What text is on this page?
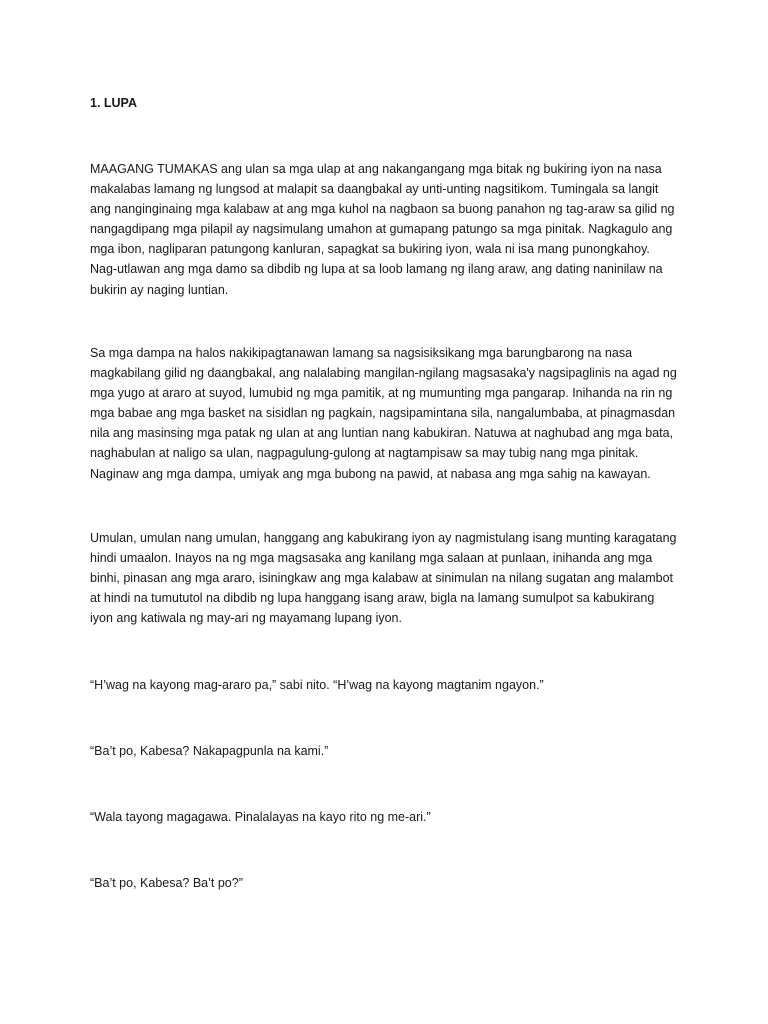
1. LUPA

MAAGANG TUMAKAS ang ulan sa mga ulap at ang nakangangang mga bitak ng bukiring iyon na nasa
makalabas lamang ng lungsod at malapit sa daangbakal ay unti-unting nagsitikom. Tumingala sa langit
ang nanginginaing mga kalabaw at ang mga kuhol na nagbaon sa buong panahon ng tag-araw sa gilid ng
nangagdipang mga pilapil ay nagsimulang umahon at gumapang patungo sa mga pinitak. Nagkagulo ang
mga ibon, nagliparan patungong kanluran, sapagkat sa bukiring iyon, wala ni isa mang punongkahoy.
Nag-utlawan ang mga damo sa dibdib ng lupa at sa loob lamang ng ilang araw, ang dating naninilaw na
bukirin ay naging luntian.

Sa mga dampa na halos nakikipagtanawan lamang sa nagsisiksikang mga barungbarong na nasa
magkabilang gilid ng daangbakal, ang nalalabing mangilan-ngilang magsasaka'y nagsipaglinis na agad ng
mga yugo at araro at suyod, lumubid ng mga pamitik, at ng mumunting mga pangarap. Inihanda na rin ng
mga babae ang mga basket na sisidlan ng pagkain, nagsipamintana sila, nangalumbaba, at pinagmasdan
nila ang masinsing mga patak ng ulan at ang luntian nang kabukiran. Natuwa at naghubad ang mga bata,
naghabulan at naligo sa ulan, nagpagulung-gulong at nagtampisaw sa may tubig nang mga pinitak.
Naginaw ang mga dampa, umiyak ang mga bubong na pawid, at nabasa ang mga sahig na kawayan.

Umulan, umulan nang umulan, hanggang ang kabukirang iyon ay nagmistulang isang munting karagatang
hindi umaalon. Inayos na ng mga magsasaka ang kanilang mga salaan at punlaan, inihanda ang mga
binhi, pinasan ang mga araro, isiningkaw ang mga kalabaw at sinimulan na nilang sugatan ang malambot
at hindi na tumututol na dibdib ng lupa hanggang isang araw, bigla na lamang sumulpot sa kabukirang
iyon ang katiwala ng may-ari ng mayamang lupang iyon.

“H’wag na kayong mag-araro pa,” sabi nito. “H’wag na kayong magtanim ngayon.”

“Ba’t po, Kabesa? Nakapagpunla na kami.”

“Wala tayong magagawa. Pinalalayas na kayo rito ng me-ari.”

“Ba’t po, Kabesa? Ba’t po?”
